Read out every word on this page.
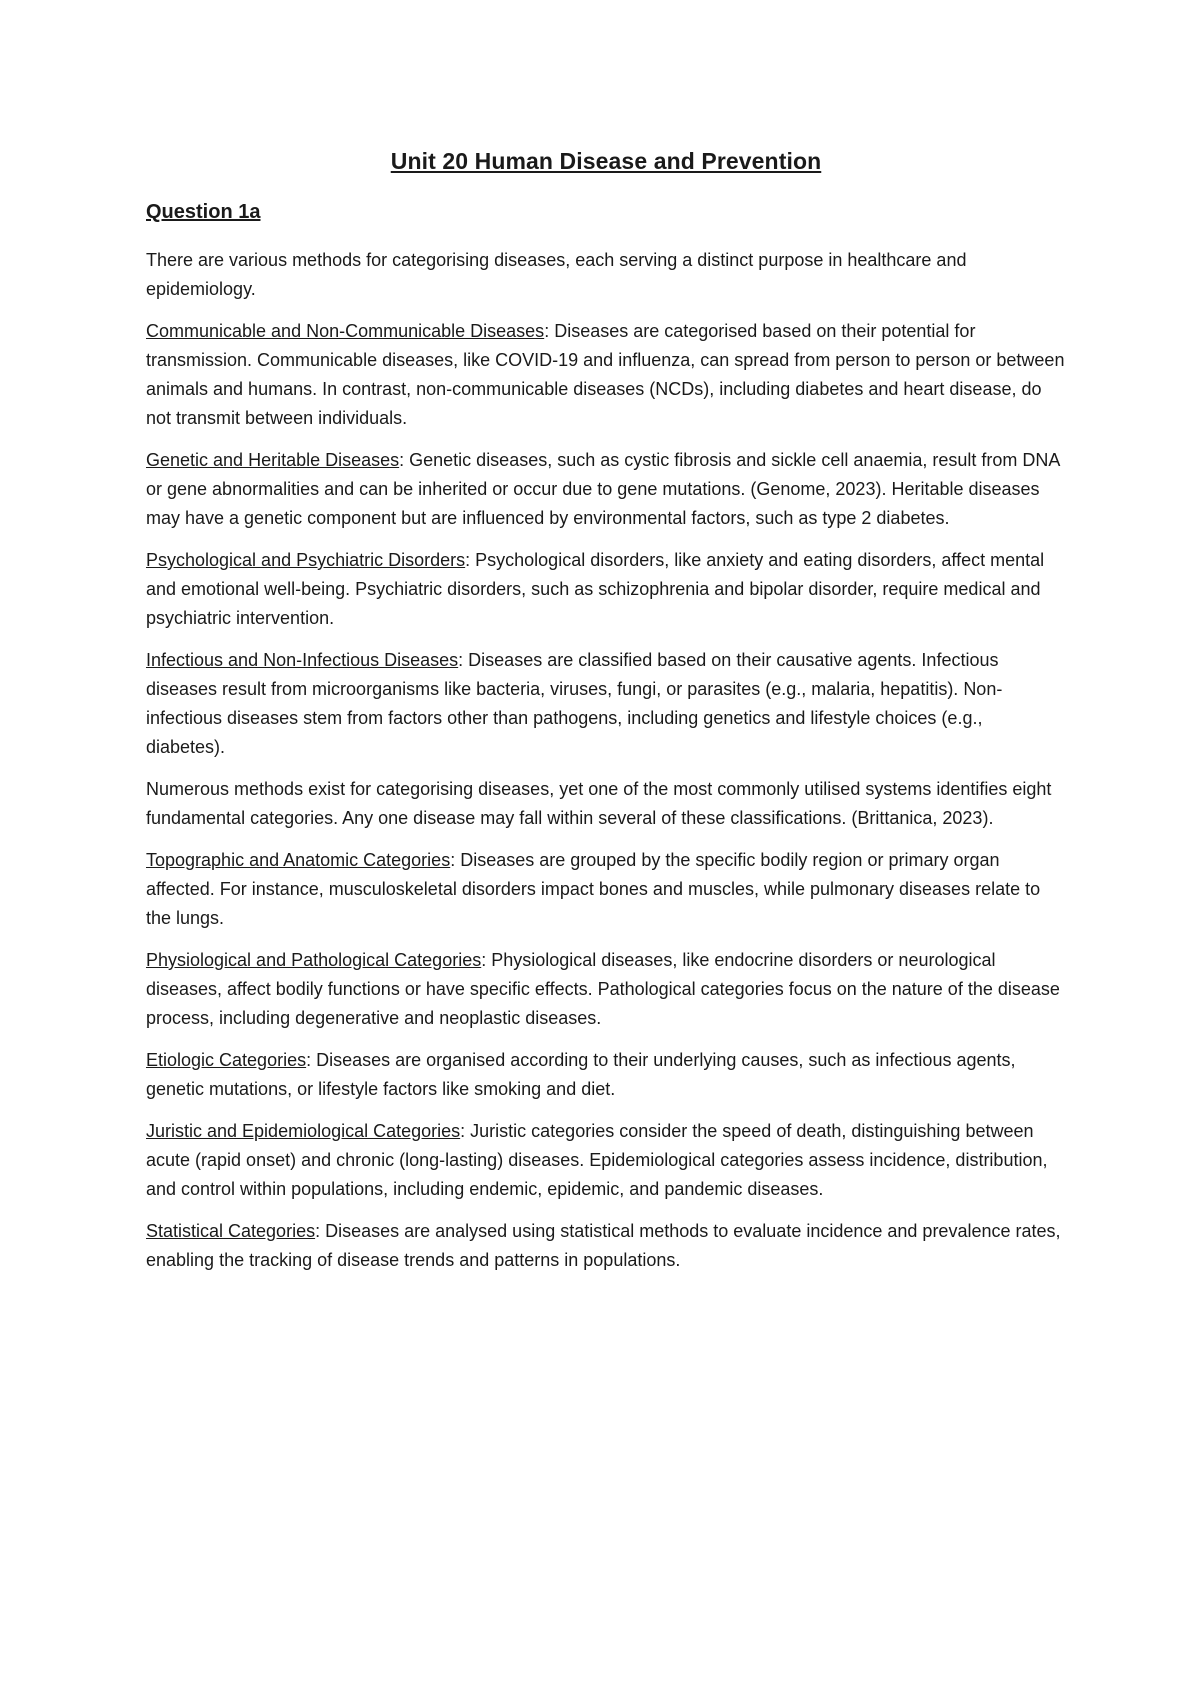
Unit 20 Human Disease and Prevention
Question 1a

There are various methods for categorising diseases, each serving a distinct purpose in healthcare and epidemiology.

Communicable and Non-Communicable Diseases: Diseases are categorised based on their potential for transmission. Communicable diseases, like COVID-19 and influenza, can spread from person to person or between animals and humans. In contrast, non-communicable diseases (NCDs), including diabetes and heart disease, do not transmit between individuals.

Genetic and Heritable Diseases: Genetic diseases, such as cystic fibrosis and sickle cell anaemia, result from DNA or gene abnormalities and can be inherited or occur due to gene mutations. (Genome, 2023). Heritable diseases may have a genetic component but are influenced by environmental factors, such as type 2 diabetes.

Psychological and Psychiatric Disorders: Psychological disorders, like anxiety and eating disorders, affect mental and emotional well-being. Psychiatric disorders, such as schizophrenia and bipolar disorder, require medical and psychiatric intervention.

Infectious and Non-Infectious Diseases: Diseases are classified based on their causative agents. Infectious diseases result from microorganisms like bacteria, viruses, fungi, or parasites (e.g., malaria, hepatitis). Non-infectious diseases stem from factors other than pathogens, including genetics and lifestyle choices (e.g., diabetes).

Numerous methods exist for categorising diseases, yet one of the most commonly utilised systems identifies eight fundamental categories. Any one disease may fall within several of these classifications. (Brittanica, 2023).

Topographic and Anatomic Categories: Diseases are grouped by the specific bodily region or primary organ affected. For instance, musculoskeletal disorders impact bones and muscles, while pulmonary diseases relate to the lungs.

Physiological and Pathological Categories: Physiological diseases, like endocrine disorders or neurological diseases, affect bodily functions or have specific effects. Pathological categories focus on the nature of the disease process, including degenerative and neoplastic diseases.

Etiologic Categories: Diseases are organised according to their underlying causes, such as infectious agents, genetic mutations, or lifestyle factors like smoking and diet.

Juristic and Epidemiological Categories: Juristic categories consider the speed of death, distinguishing between acute (rapid onset) and chronic (long-lasting) diseases. Epidemiological categories assess incidence, distribution, and control within populations, including endemic, epidemic, and pandemic diseases.

Statistical Categories: Diseases are analysed using statistical methods to evaluate incidence and prevalence rates, enabling the tracking of disease trends and patterns in populations.
